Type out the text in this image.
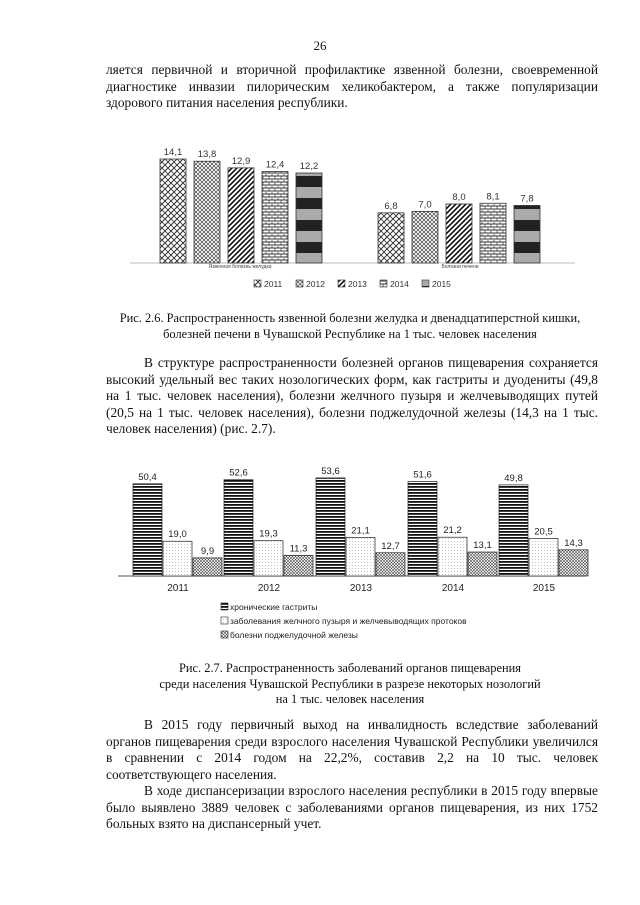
26

ляется первичной и вторичной профилактике язвенной болезни, своевременной диагностике инвазии пилорическим хеликобактером, а также популяризации здорового питания населения республики.

Язвенная болезнь желудка	Болезни печени
14,1 13,8
12,9 12,4 12,2
6,8 7,0
8,0 8,1 7,8
2011	2012	2013	2014	2015
Рис. 2.6. Распространенность язвенной болезни желудка и двенадцатиперстной кишки,
болезней печени в Чувашской Республике на 1 тыс. человек населения

В структуре распространенности болезней органов пищеварения сохраняется высокий удельный вес таких нозологических форм, как гастриты и дуодениты (49,8 на 1 тыс. человек населения), болезни желчного пузыря и желчевыводящих путей (20,5 на 1 тыс. человек населения), болезни поджелудочной железы (14,3 на 1 тыс. человек населения) (рис. 2.7).

50,4
19,0
9,9
2011
52,6
19,3
11,3
2012
53,6
21,1
12,7
2013
51,6
21,2
13,1
2014
49,8
20,5
14,3
2015
хронические гастриты
заболевания желчного пузыря и желчевыводящих протоков
болезни поджелудочной железы
Рис. 2.7. Распространенность заболеваний органов пищеварения
среди населения Чувашской Республики в разрезе некоторых нозологий
на 1 тыс. человек населения

В 2015 году первичный выход на инвалидность вследствие заболеваний органов пищеварения среди взрослого населения Чувашской Республики увеличился в сравнении с 2014 годом на 22,2%, составив 2,2 на 10 тыс. человек соответствующего населения.

В ходе диспансеризации взрослого населения республики в 2015 году впервые было выявлено 3889 человек с заболеваниями органов пищеварения, из них 1752 больных взято на диспансерный учет.
